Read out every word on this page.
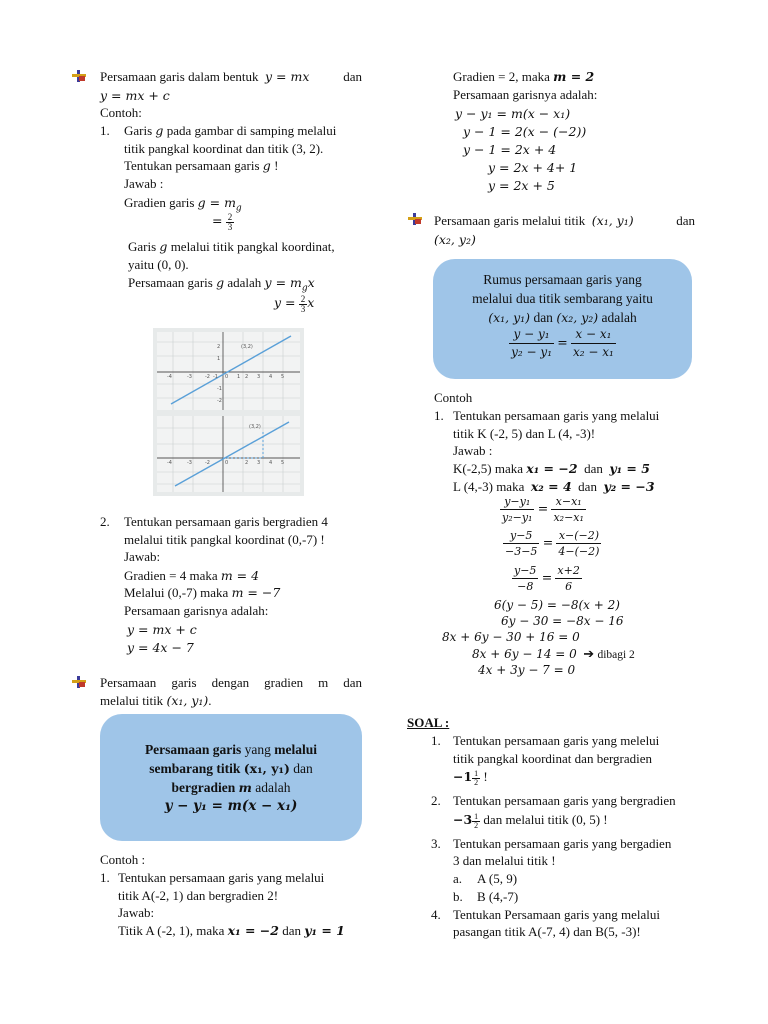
Persamaan garis dalam bentuk y = mx	dan
y = mx + c
Contoh:
1. Garis g pada gambar di samping melalui
titik pangkal koordinat dan titik (3, 2).
Tentukan persamaan garis g !
Jawab :
Gradien garis $g = m_g$
= $\frac{2}{3}$
Garis g melalui titik pangkal koordinat,
yaitu (0, 0).
Persamaan garis g adalah $y = m_gx$
$y = \frac{2}{3}$ x
(3,2)
(3,2)
-4	-3	-2 -1 0 1 2 3 4 5
-4	-3	-2	0	2 3 4 5
2
1
-1
-2
2. Tentukan persamaan garis bergradien 4
melalui titik pangkal koordinat (0,-7) !
Jawab:
Gradien = 4 maka m = 4
Melalui (0,-7) maka m = −7
Persamaan garisnya adalah:
y = mx + c
y = 4x − 7
Persamaan garis dengan gradien m dan
melalui titik (x₁, y₁).
Persamaan garis yang melalui
sembarang titik (x₁, y₁) dan
bergradien m adalah
y − y₁ = m(x − x₁)
Contoh :
1. Tentukan persamaan garis yang melalui
titik A(-2, 1) dan bergradien 2!
Jawab:
Titik A (-2, 1), maka x₁ = −2 dan y₁ = 1
Gradien = 2, maka m = 2
Persamaan garisnya adalah:
y − y₁ = m(x − x₁)
y − 1 = 2(x − (−2))
y − 1 = 2x + 4
y = 2x + 4+ 1
y = 2x + 5
Persamaan garis melalui titik (x₁, y₁)	dan
(x₂, y₂)
Rumus persamaan garis yang
melalui dua titik sembarang yaitu
(x₁, y₁) dan (x₂, y₂) adalah
$\frac{\text{y − y₁}}{\text{y₂ − y₁}} = \frac{\text{x − x₁}}{\text{x₂ − x₁}}$
Contoh
1. Tentukan persamaan garis yang melalui
titik K (-2, 5) dan L (4, -3)!
Jawab :
K(-2,5) maka x₁ = −2 dan y₁ = 5
L (4,-3) maka x₂ = 4 dan y₂ = −3
$\frac{\text{y−y₁}}{\text{y₂−y₁}} = \frac{\text{x−x₁}}{\text{x₂−x₁}}$
$\frac{y-5}{-3-5} = \frac{x-(-2)}{4-(-2)}$
$\frac{y-5}{-8} = \frac{x+2}{6}$
6(y − 5) = −8(x + 2)
6y − 30 = −8x − 16
8x + 6y − 30 + 16 = 0
8x + 6y − 14 = 0 ➔ dibagi 2
4x + 3y − 7 = 0
SOAL :
1. Tentukan persamaan garis yang melelui
titik pangkal koordinat dan bergradien
$-1 \frac{1}{2}$ !
2. Tentukan persamaan garis yang bergradien
$-3 \frac{1}{2}$ dan melalui titik (0, 5) !
3. Tentukan persamaan garis yang bergadien
3 dan melalui titik !
a. A (5, 9)
b. B (4,-7)
4. Tentukan Persamaan garis yang melalui
pasangan titik A(-7, 4) dan B(5, -3)!
